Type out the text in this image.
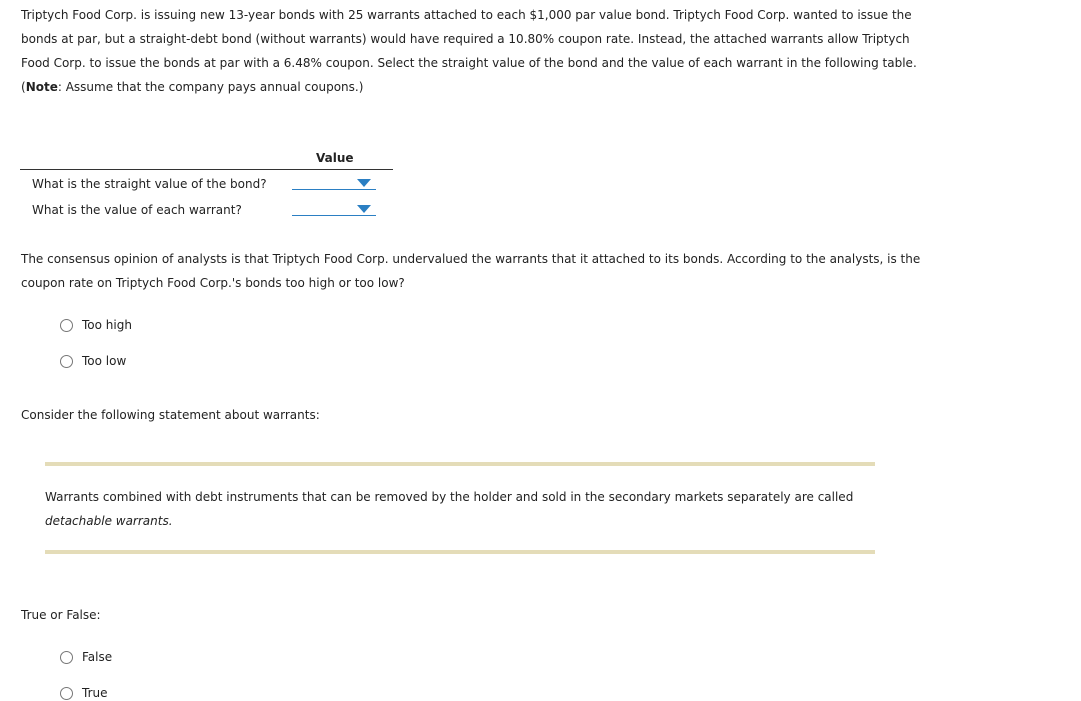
Triptych Food Corp. is issuing new 13-year bonds with 25 warrants attached to each $1,000 par value bond. Triptych Food Corp. wanted to issue the
bonds at par, but a straight-debt bond (without warrants) would have required a 10.80% coupon rate. Instead, the attached warrants allow Triptych
Food Corp. to issue the bonds at par with a 6.48% coupon. Select the straight value of the bond and the value of each warrant in the following table.
(Note: Assume that the company pays annual coupons.)
Value
What is the straight value of the bond?
What is the value of each warrant?
The consensus opinion of analysts is that Triptych Food Corp. undervalued the warrants that it attached to its bonds. According to the analysts, is the
coupon rate on Triptych Food Corp.'s bonds too high or too low?
Too high
Too low
Consider the following statement about warrants:
Warrants combined with debt instruments that can be removed by the holder and sold in the secondary markets separately are called
detachable warrants.
True or False:
False
True
